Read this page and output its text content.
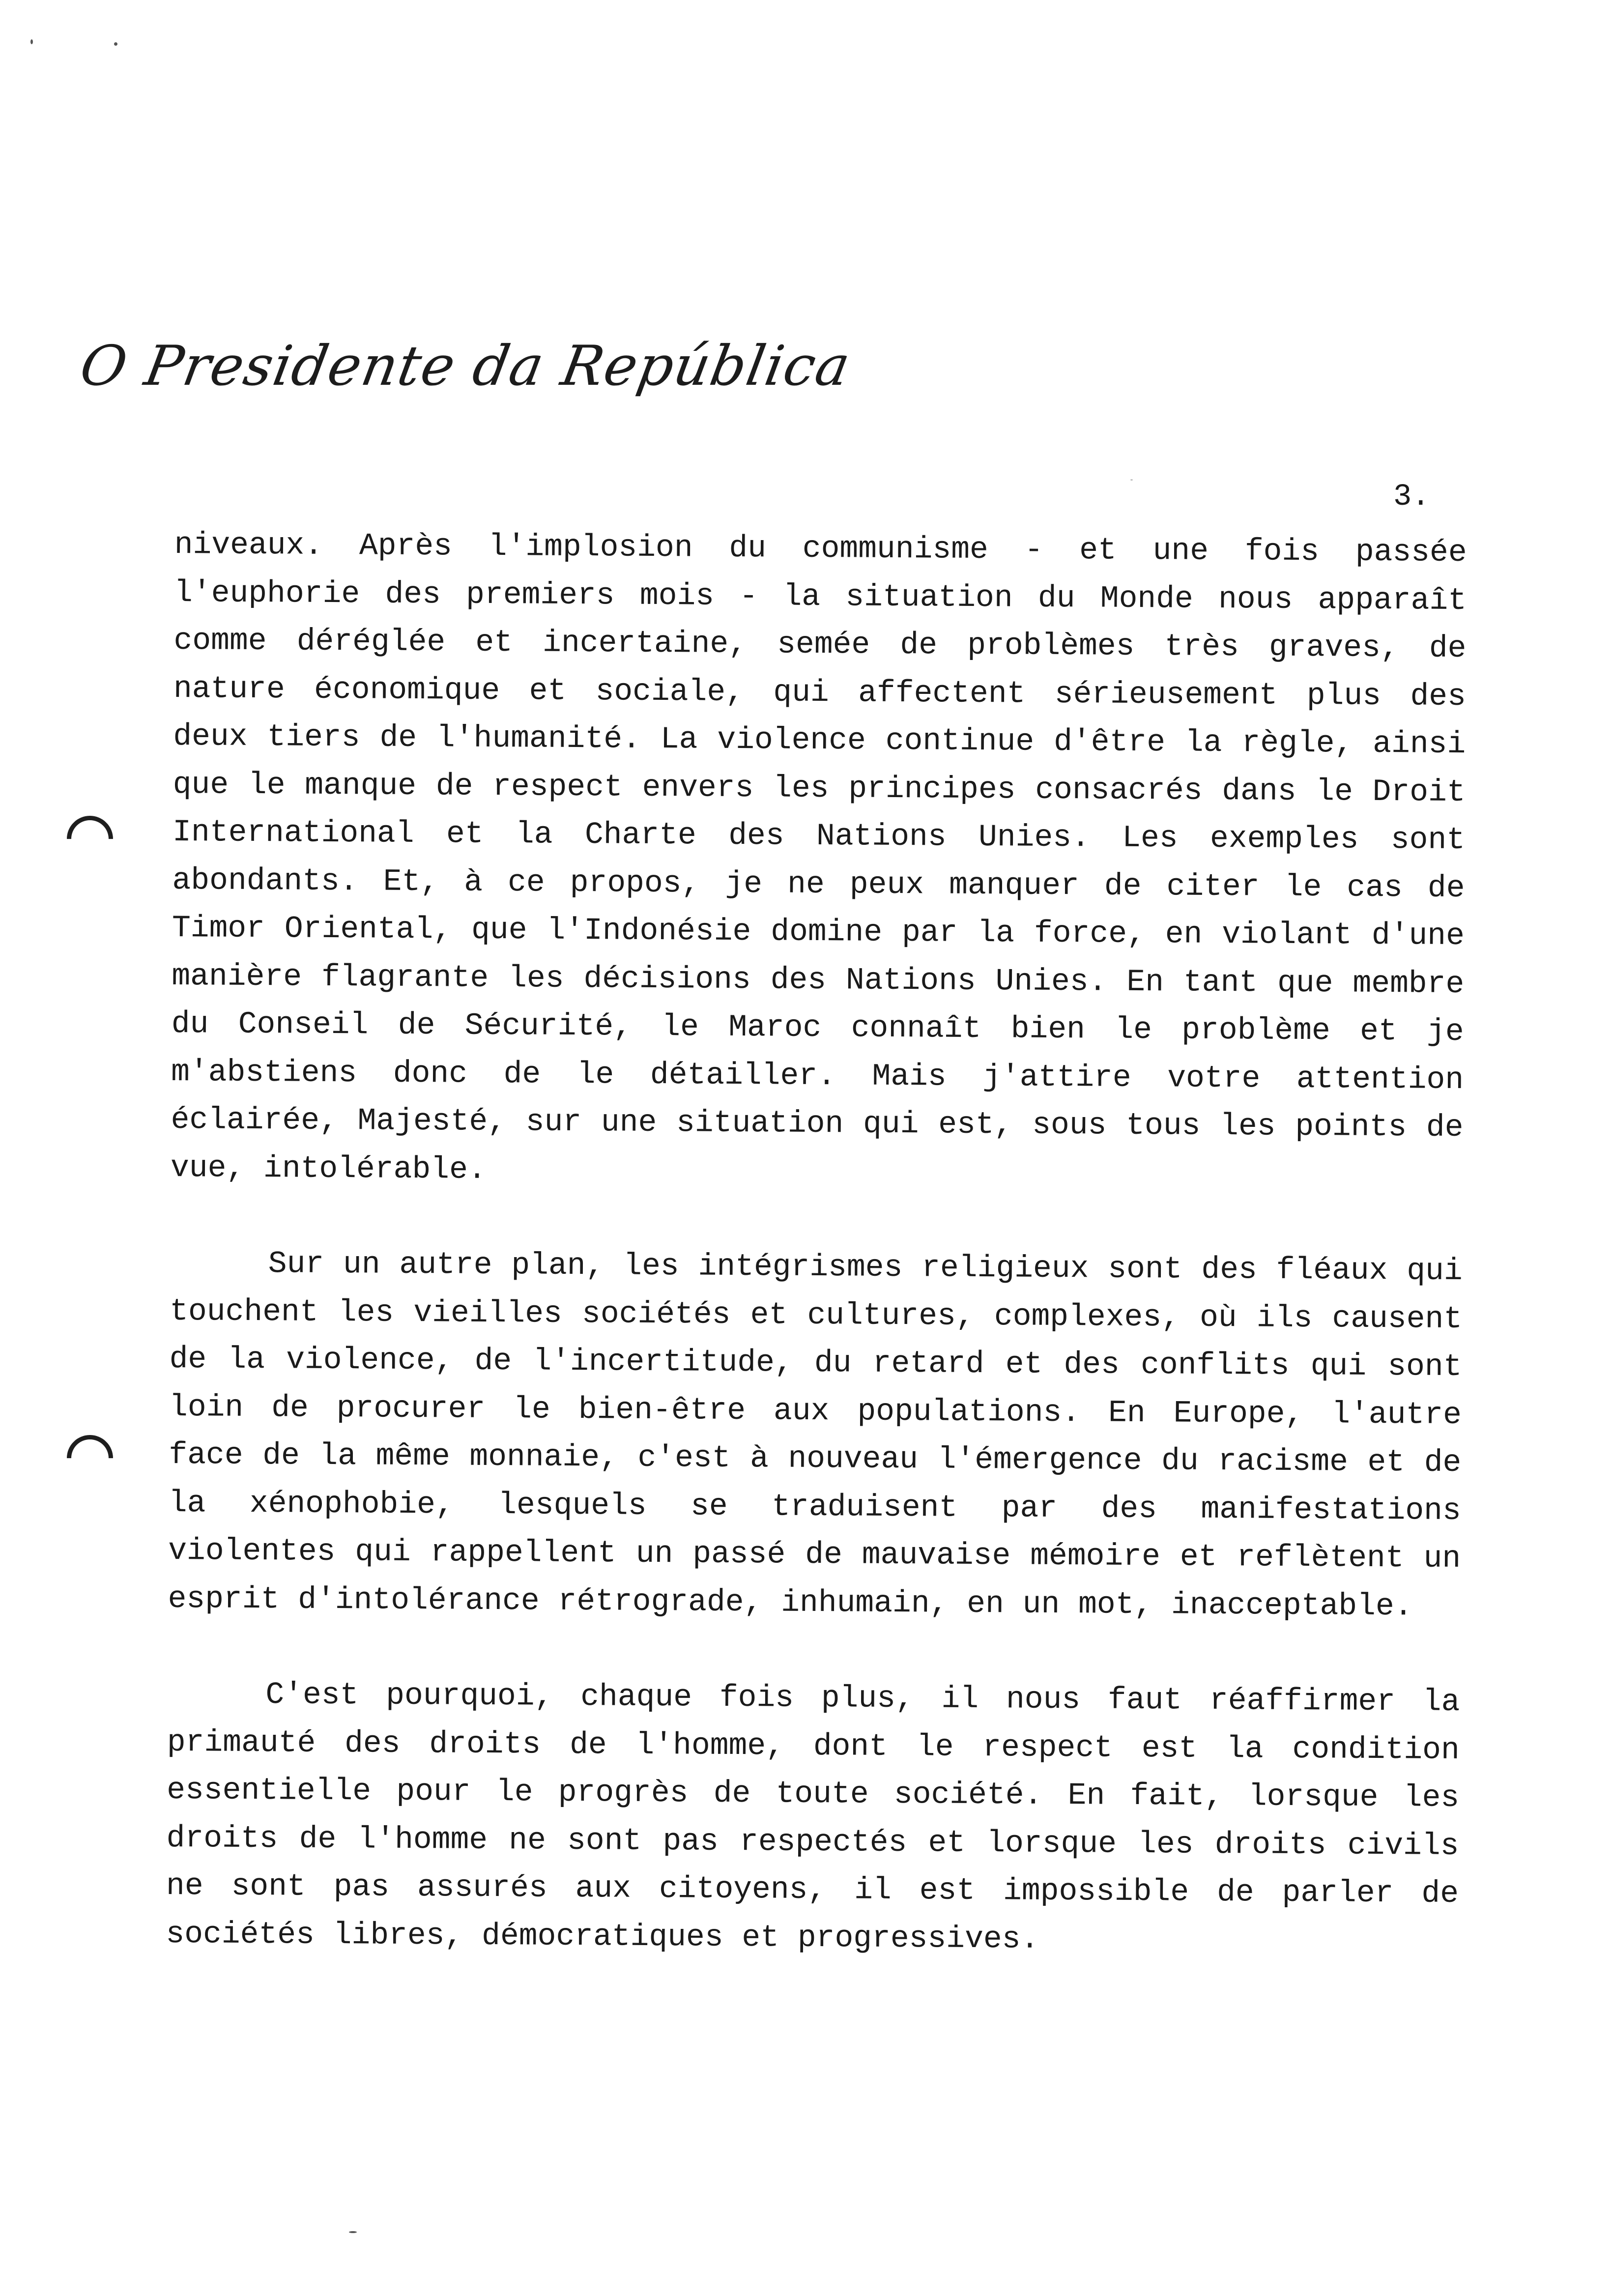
O Presidente da República
3.

niveaux. Après l'implosion du communisme - et une fois passée l'euphorie des premiers mois - la situation du Monde nous apparaît comme déréglée et incertaine, semée de problèmes très graves, de nature économique et sociale, qui affectent sérieusement plus des deux tiers de l'humanité. La violence continue d'être la règle, ainsi que le manque de respect envers les principes consacrés dans le Droit International et la Charte des Nations Unies. Les exemples sont abondants. Et, à ce propos, je ne peux manquer de citer le cas de Timor Oriental, que l'Indonésie domine par la force, en violant d'une manière flagrante les décisions des Nations Unies. En tant que membre du Conseil de Sécurité, le Maroc connaît bien le problème et je m'abstiens donc de le détailler. Mais j'attire votre attention éclairée, Majesté, sur une situation qui est, sous tous les points de vue, intolérable.

Sur un autre plan, les intégrismes religieux sont des fléaux qui touchent les vieilles sociétés et cultures, complexes, où ils causent de la violence, de l'incertitude, du retard et des conflits qui sont loin de procurer le bien-être aux populations. En Europe, l'autre face de la même monnaie, c'est à nouveau l'émergence du racisme et de la xénophobie, lesquels se traduisent par des manifestations violentes qui rappellent un passé de mauvaise mémoire et reflètent un esprit d'intolérance rétrograde, inhumain, en un mot, inacceptable.

C'est pourquoi, chaque fois plus, il nous faut réaffirmer la primauté des droits de l'homme, dont le respect est la condition essentielle pour le progrès de toute société. En fait, lorsque les droits de l'homme ne sont pas respectés et lorsque les droits civils ne sont pas assurés aux citoyens, il est impossible de parler de sociétés libres, démocratiques et progressives.
